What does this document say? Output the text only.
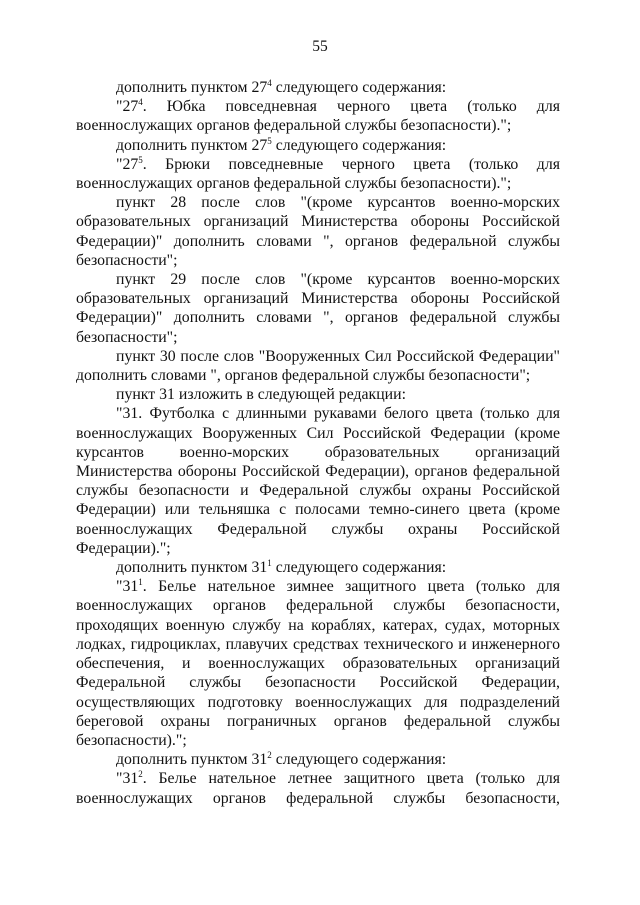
55

дополнить пунктом $27^4$ следующего содержания:

"$27^4$. Юбка повседневная черного цвета (только для военнослужащих органов федеральной службы безопасности).";

дополнить пунктом $27^5$ следующего содержания:

"$27^5$. Брюки повседневные черного цвета (только для военнослужащих органов федеральной службы безопасности).";

пункт 28 после слов "(кроме курсантов военно-морских образовательных организаций Министерства обороны Российской Федерации)" дополнить словами ", органов федеральной службы безопасности";

пункт 29 после слов "(кроме курсантов военно-морских образовательных организаций Министерства обороны Российской Федерации)" дополнить словами ", органов федеральной службы безопасности";

пункт 30 после слов "Вооруженных Сил Российской Федерации" дополнить словами ", органов федеральной службы безопасности";

пункт 31 изложить в следующей редакции:

"31. Футболка с длинными рукавами белого цвета (только для военнослужащих Вооруженных Сил Российской Федерации (кроме курсантов военно-морских образовательных организаций Министерства обороны Российской Федерации), органов федеральной службы безопасности и Федеральной службы охраны Российской Федерации) или тельняшка с полосами темно-синего цвета (кроме военнослужащих Федеральной службы охраны Российской Федерации).";

дополнить пунктом $31^1$ следующего содержания:

"$31^1$. Белье нательное зимнее защитного цвета (только для военнослужащих органов федеральной службы безопасности, проходящих военную службу на кораблях, катерах, судах, моторных лодках, гидроциклах, плавучих средствах технического и инженерного обеспечения, и военнослужащих образовательных организаций Федеральной службы безопасности Российской Федерации, осуществляющих подготовку военнослужащих для подразделений береговой охраны пограничных органов федеральной службы безопасности).";

дополнить пунктом $31^2$ следующего содержания:

"$31^2$. Белье нательное летнее защитного цвета (только для военнослужащих органов федеральной службы безопасности,
